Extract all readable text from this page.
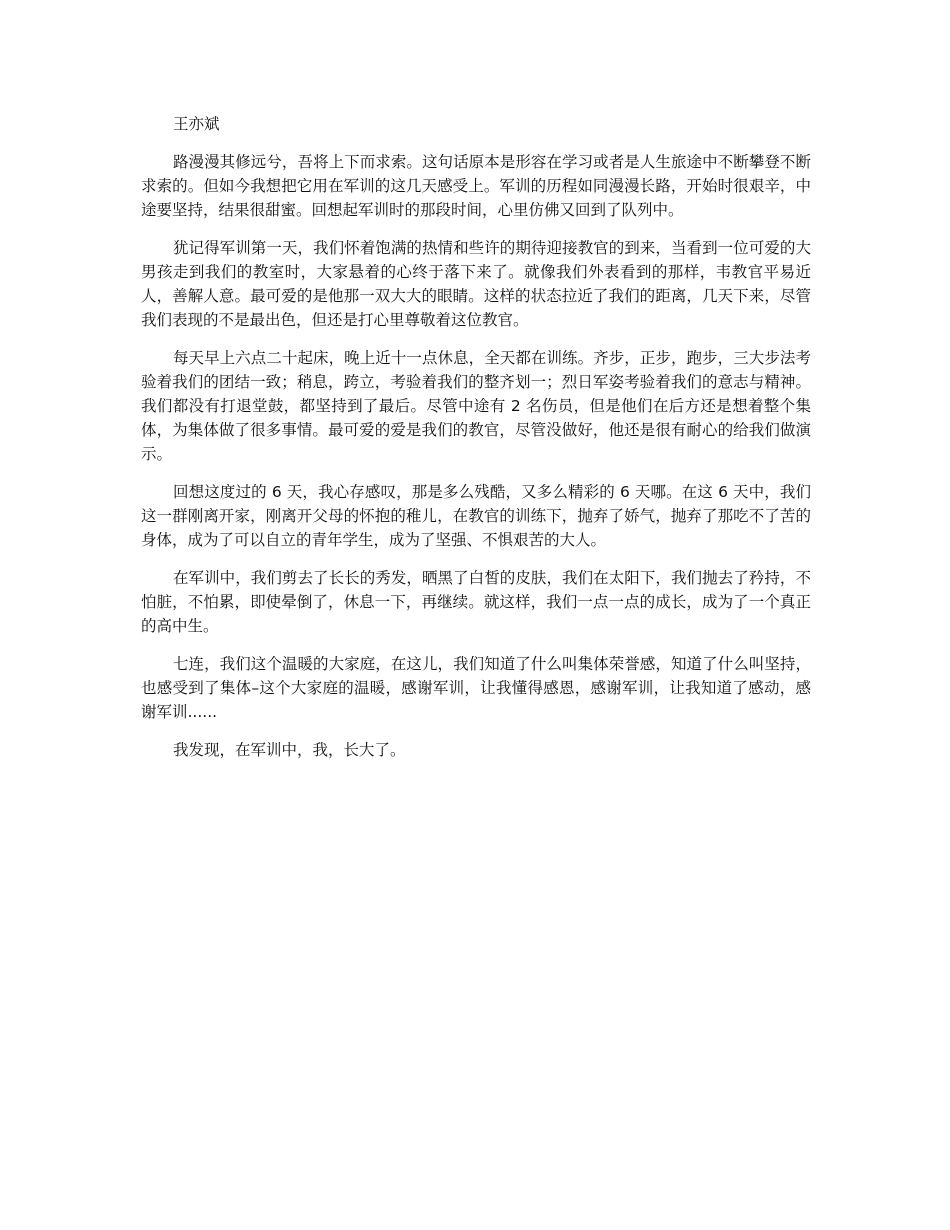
王亦斌

路漫漫其修远兮，吾将上下而求索。这句话原本是形容在学习或者是人生旅途中不断攀登不断求索的。但如今我想把它用在军训的这几天感受上。军训的历程如同漫漫长路，开始时很艰辛，中途要坚持，结果很甜蜜。回想起军训时的那段时间，心里仿佛又回到了队列中。

犹记得军训第一天，我们怀着饱满的热情和些许的期待迎接教官的到来，当看到一位可爱的大男孩走到我们的教室时，大家悬着的心终于落下来了。就像我们外表看到的那样，韦教官平易近人，善解人意。最可爱的是他那一双大大的眼睛。这样的状态拉近了我们的距离，几天下来，尽管我们表现的不是最出色，但还是打心里尊敬着这位教官。

每天早上六点二十起床，晚上近十一点休息，全天都在训练。齐步，正步，跑步，三大步法考验着我们的团结一致；稍息，跨立，考验着我们的整齐划一；烈日军姿考验着我们的意志与精神。我们都没有打退堂鼓，都坚持到了最后。尽管中途有 2 名伤员，但是他们在后方还是想着整个集体，为集体做了很多事情。最可爱的爱是我们的教官，尽管没做好，他还是很有耐心的给我们做演示。

回想这度过的 6 天，我心存感叹，那是多么残酷，又多么精彩的 6 天哪。在这 6 天中，我们这一群刚离开家，刚离开父母的怀抱的稚儿，在教官的训练下，抛弃了娇气，抛弃了那吃不了苦的身体，成为了可以自立的青年学生，成为了坚强、不惧艰苦的大人。

在军训中，我们剪去了长长的秀发，晒黑了白皙的皮肤，我们在太阳下，我们抛去了矜持，不怕脏，不怕累，即使晕倒了，休息一下，再继续。就这样，我们一点一点的成长，成为了一个真正的高中生。

七连，我们这个温暖的大家庭，在这儿，我们知道了什么叫集体荣誉感，知道了什么叫坚持，也感受到了集体–这个大家庭的温暖，感谢军训，让我懂得感恩，感谢军训，让我知道了感动，感谢军训......

我发现，在军训中，我，长大了。
